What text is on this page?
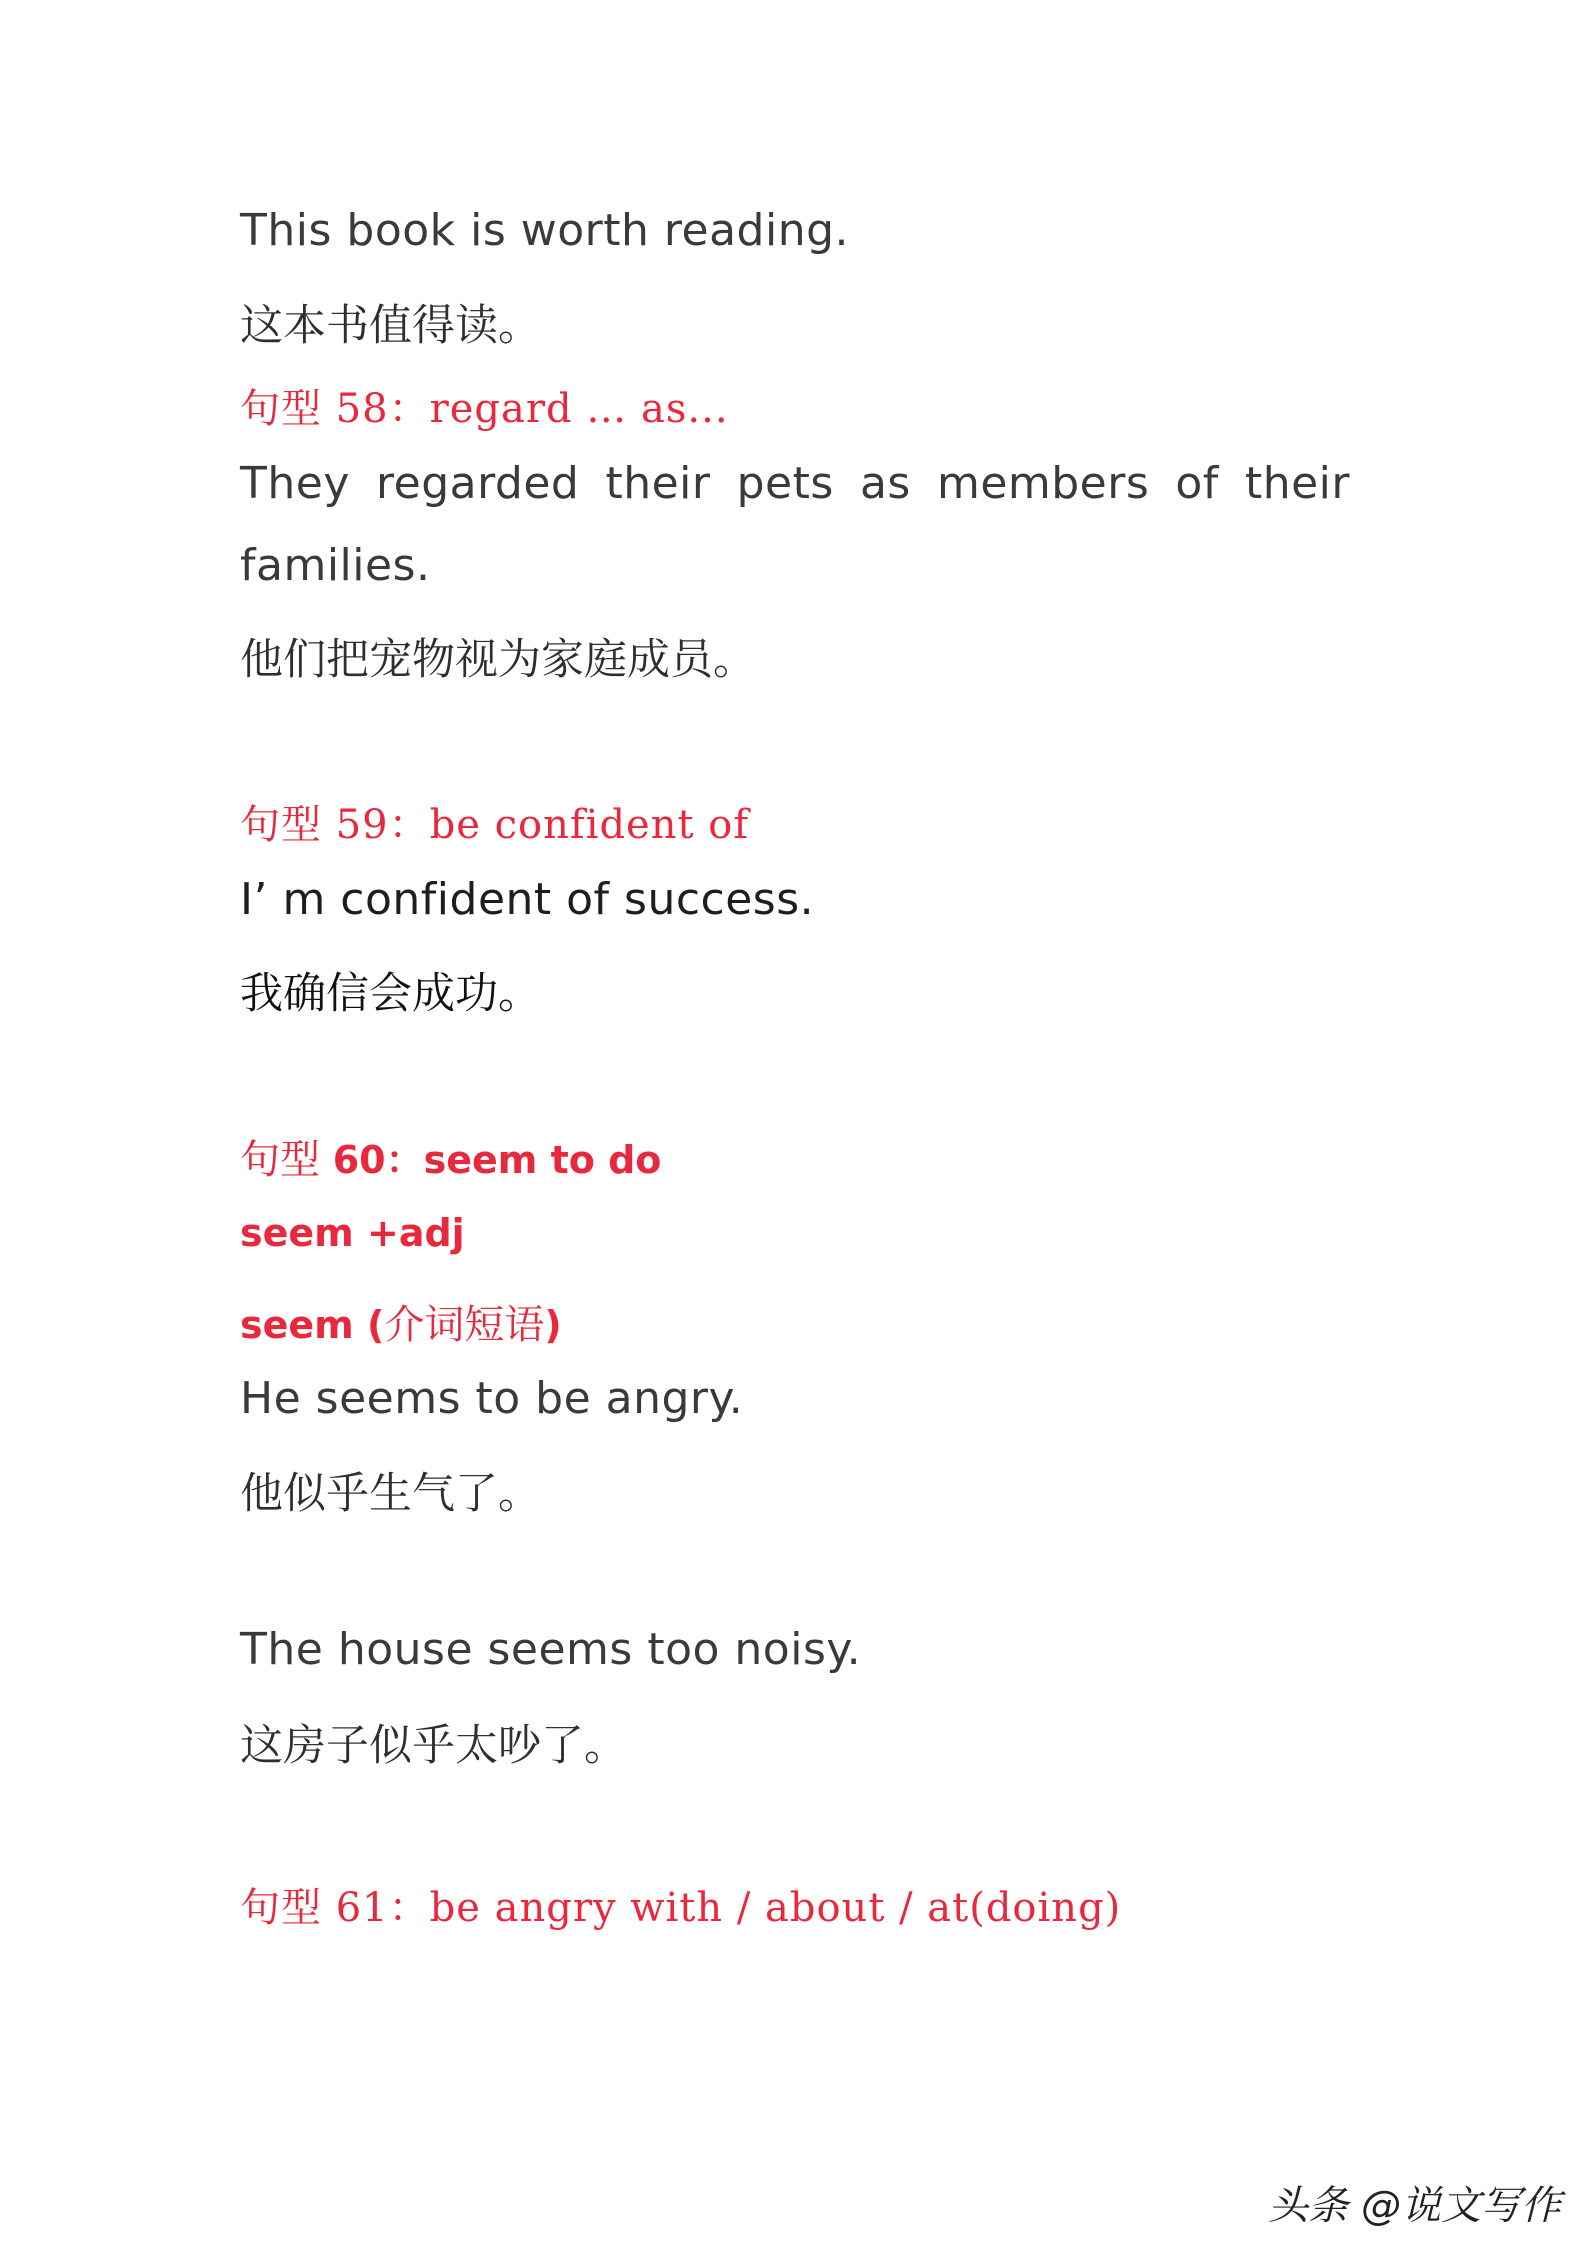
This book is worth reading.

这本书值得读。

句型 58：regard … as...

They regarded their pets as members of their

families.

他们把宠物视为家庭成员。

句型 59：be confident of

I’ m confident of success.

我确信会成功。

句型 60：seem to do

seem +adj

seem (介词短语)

He seems to be angry.

他似乎生气了。

The house seems too noisy.

这房子似乎太吵了。

句型 61：be angry with / about / at(doing)

头条 @说文写作
